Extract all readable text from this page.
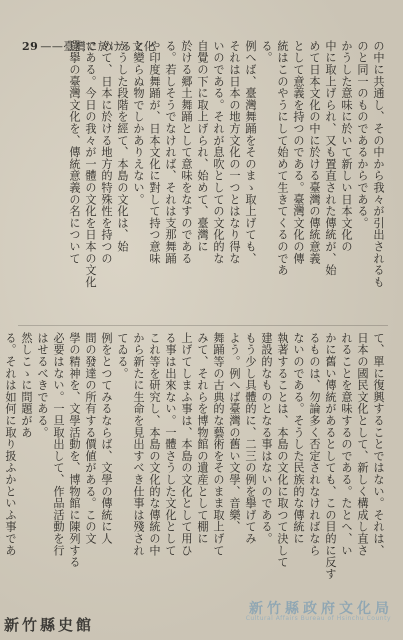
29 ——臺灣に於ける文化	の中に共通し、その中から我々が引出されるも
のと同一のものであるからである。
かうした意味に於いて新しい日本文化の
中に取上げられ、又も置直された傳統が、始
めて日本文化の中に於ける臺灣の傳統意義
として意義を持つのである。臺灣文化の傳
統はこのやうにして始めて生きてくるのであ
る。
例へば、臺灣舞踊をそのまゝ取上げても、
それは日本の地方文化の一つとはなり得な
いのである。それが息吹としての文化的な
自覺の下に取上げられ、始めて、臺灣に
於ける郷土舞踊として意味をなすのである
る。若しそうでなければ、それは支那舞踊
や印度舞踊が、日本文化に對して持つ意味
と變らぬ物でしかありえない。
かうした段階を經て、本島の文化は、始
めて、日本に於ける地方的特殊性を持つの
である。今日の我々が一體の文化を日本の文化
選擧の臺灣文化を、傳統意義の名について
て、單に復興することではない。それは、
日本の國民文化として、新しく構成し直さ
れることを意味するのである。たとへ、い
かに舊い傳統があるとしても、この目的に反す
るものは、勿論多く否定されなければなら
ないのである。そうした民族的な傳統に
執著することは、本島の文化に取つて決して
建設的なものとなる事はないのである。
もう少し具體的に、二三の例を擧げてみ
よう。例へば臺灣の舊い文學、音樂、
舞踊等の古典的な藝術をそのまま取上げて
みて、それらを博物館の遺産として棚に
上げてしまふ事は、本島の文化として用ひ
る事は出來ない。一體さうした文化として
これ等を研究し、本島の文化的な傳統の中
から新たに生命を見出すべき仕事は殘され
てゐる。
例をとつてみるならば、文學の傳統に人
間の發達の所有する價値がある。この文
學の精神を、文學活動を、博物館に陳列する
必要はない。一旦取出して、作品活動を行
はせるべきである。
然しこゝに問題があ
る。それは如何に取り扱ふかといふ事であ
新竹縣政府文化局
Cultural Affairs Bureau of Hsinchu County
新竹縣史館
